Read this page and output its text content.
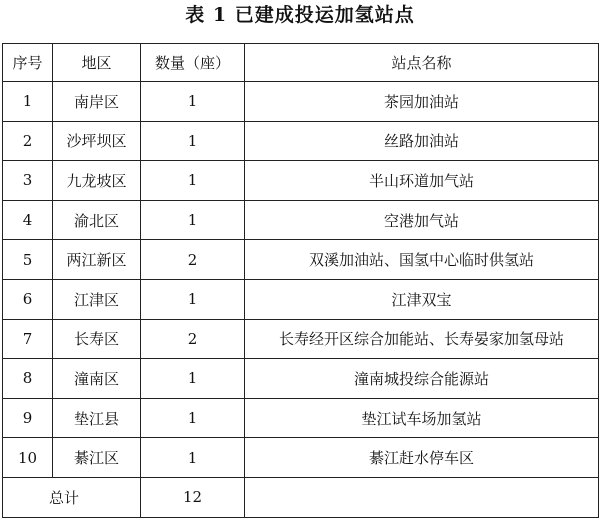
表 1 已建成投运加氢站点
序号	地区	数量（座）	站点名称
1	南岸区	1	茶园加油站
2	沙坪坝区	1	丝路加油站
3	九龙坡区	1	半山环道加气站
4	渝北区	1	空港加气站
5	两江新区	2	双溪加油站、国氢中心临时供氢站
6	江津区	1	江津双宝
7	长寿区	2	长寿经开区综合加能站、长寿晏家加氢母站
8	潼南区	1	潼南城投综合能源站
9	垫江县	1	垫江试车场加氢站
10	綦江区	1	綦江赶水停车区
总计		12	
